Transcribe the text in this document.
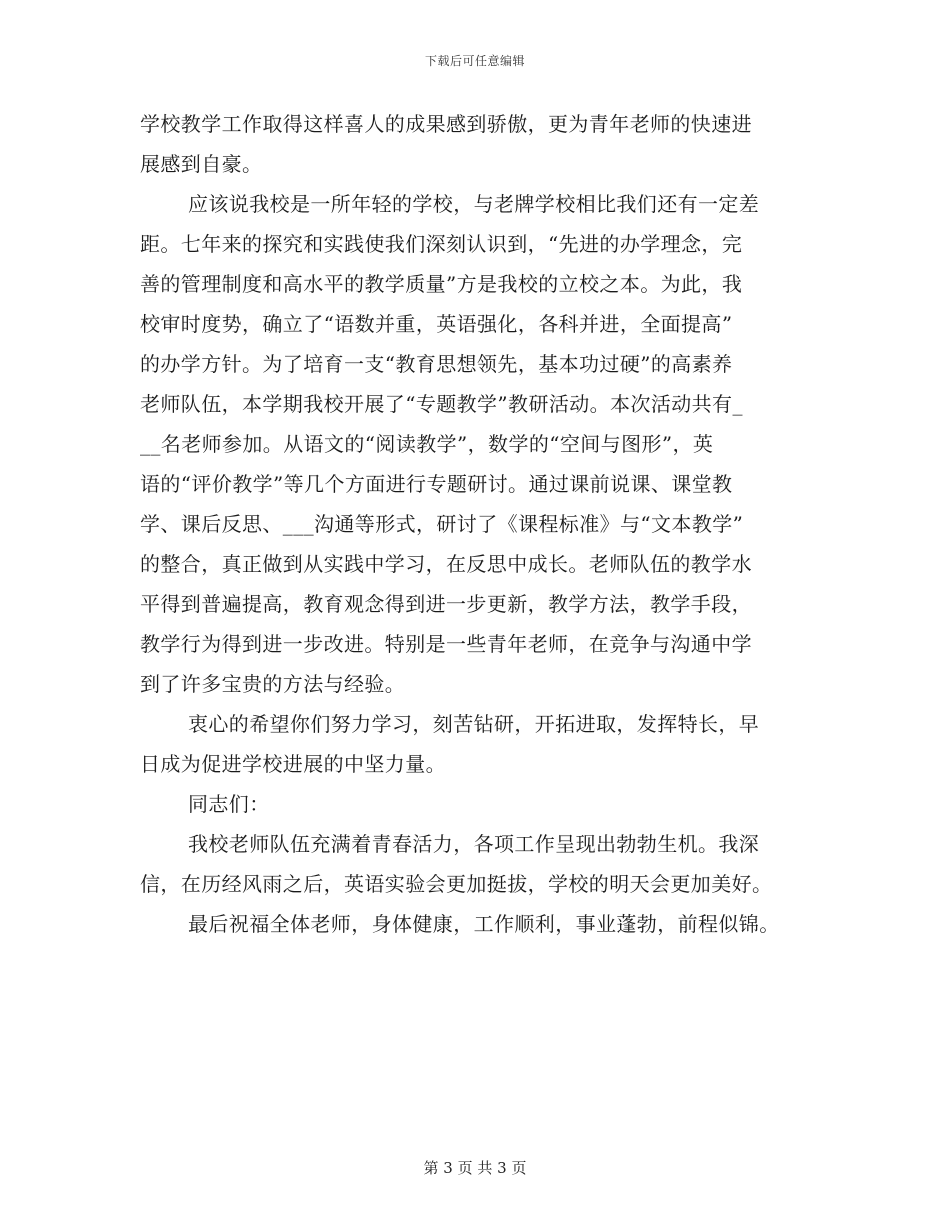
下载后可任意编辑
学校教学工作取得这样喜人的成果感到骄傲，更为青年老师的快速进
展感到自豪。
应该说我校是一所年轻的学校，与老牌学校相比我们还有一定差
距。七年来的探究和实践使我们深刻认识到，“先进的办学理念，完
善的管理制度和高水平的教学质量”方是我校的立校之本。为此，我
校审时度势，确立了“语数并重，英语强化，各科并进，全面提高”
的办学方针。为了培育一支“教育思想领先，基本功过硬”的高素养
老师队伍，本学期我校开展了“专题教学”教研活动。本次活动共有_
__名老师参加。从语文的“阅读教学”，数学的“空间与图形”，英
语的“评价教学”等几个方面进行专题研讨。通过课前说课、课堂教
学、课后反思、___沟通等形式，研讨了《课程标准》与“文本教学”
的整合，真正做到从实践中学习，在反思中成长。老师队伍的教学水
平得到普遍提高，教育观念得到进一步更新，教学方法，教学手段，
教学行为得到进一步改进。特别是一些青年老师，在竞争与沟通中学
到了许多宝贵的方法与经验。
衷心的希望你们努力学习，刻苦钻研，开拓进取，发挥特长，早
日成为促进学校进展的中坚力量。
同志们：
我校老师队伍充满着青春活力，各项工作呈现出勃勃生机。我深
信，在历经风雨之后，英语实验会更加挺拔，学校的明天会更加美好。
最后祝福全体老师，身体健康，工作顺利，事业蓬勃，前程似锦。
第 3 页 共 3 页
